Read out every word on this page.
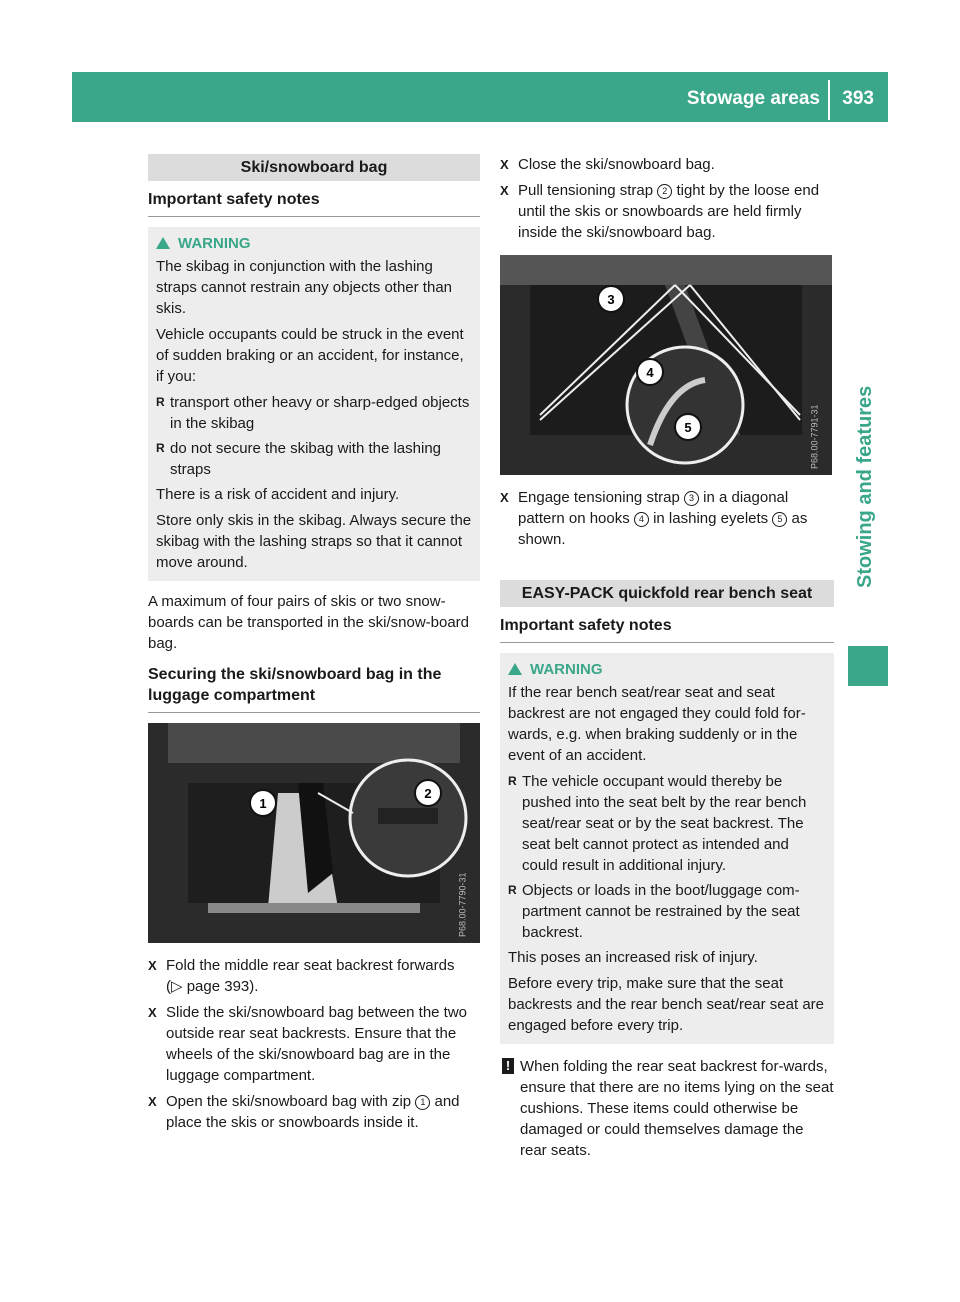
Stowage areas 393
Stowing and features
Ski/snowboard bag
Important safety notes
WARNING

The skibag in conjunction with the lashing straps cannot restrain any objects other than skis.

Vehicle occupants could be struck in the event of sudden braking or an accident, for instance, if you:

R transport other heavy or sharp-edged objects in the skibag
R do not secure the skibag with the lashing straps

There is a risk of accident and injury.

Store only skis in the skibag. Always secure the skibag with the lashing straps so that it cannot move around.

A maximum of four pairs of skis or two snow-boards can be transported in the ski/snow-board bag.

Securing the ski/snowboard bag in the luggage compartment
1
2
P68.00-7790-31
X Fold the middle rear seat backrest forwards
(▷ page 393).
X Slide the ski/snowboard bag between the two outside rear seat backrests. Ensure that the wheels of the ski/snowboard bag are in the luggage compartment.
X Open the ski/snowboard bag with zip 1 and place the skis or snowboards inside it.
X Close the ski/snowboard bag.
X Pull tensioning strap 2 tight by the loose end until the skis or snowboards are held firmly inside the ski/snowboard bag.
3
4
5	P68.00-7791-31
X Engage tensioning strap 3 in a diagonal pattern on hooks 4 in lashing eyelets 5 as shown.
EASY-PACK quickfold rear bench seat
Important safety notes
WARNING

If the rear bench seat/rear seat and seat backrest are not engaged they could fold for-wards, e.g. when braking suddenly or in the event of an accident.

R The vehicle occupant would thereby be pushed into the seat belt by the rear bench seat/rear seat or by the seat backrest. The seat belt cannot protect as intended and could result in additional injury.
R Objects or loads in the boot/luggage com-partment cannot be restrained by the seat backrest.

This poses an increased risk of injury.

Before every trip, make sure that the seat backrests and the rear bench seat/rear seat are engaged before every trip.

! When folding the rear seat backrest for-wards, ensure that there are no items lying on the seat cushions. These items could otherwise be damaged or could themselves damage the rear seats.
